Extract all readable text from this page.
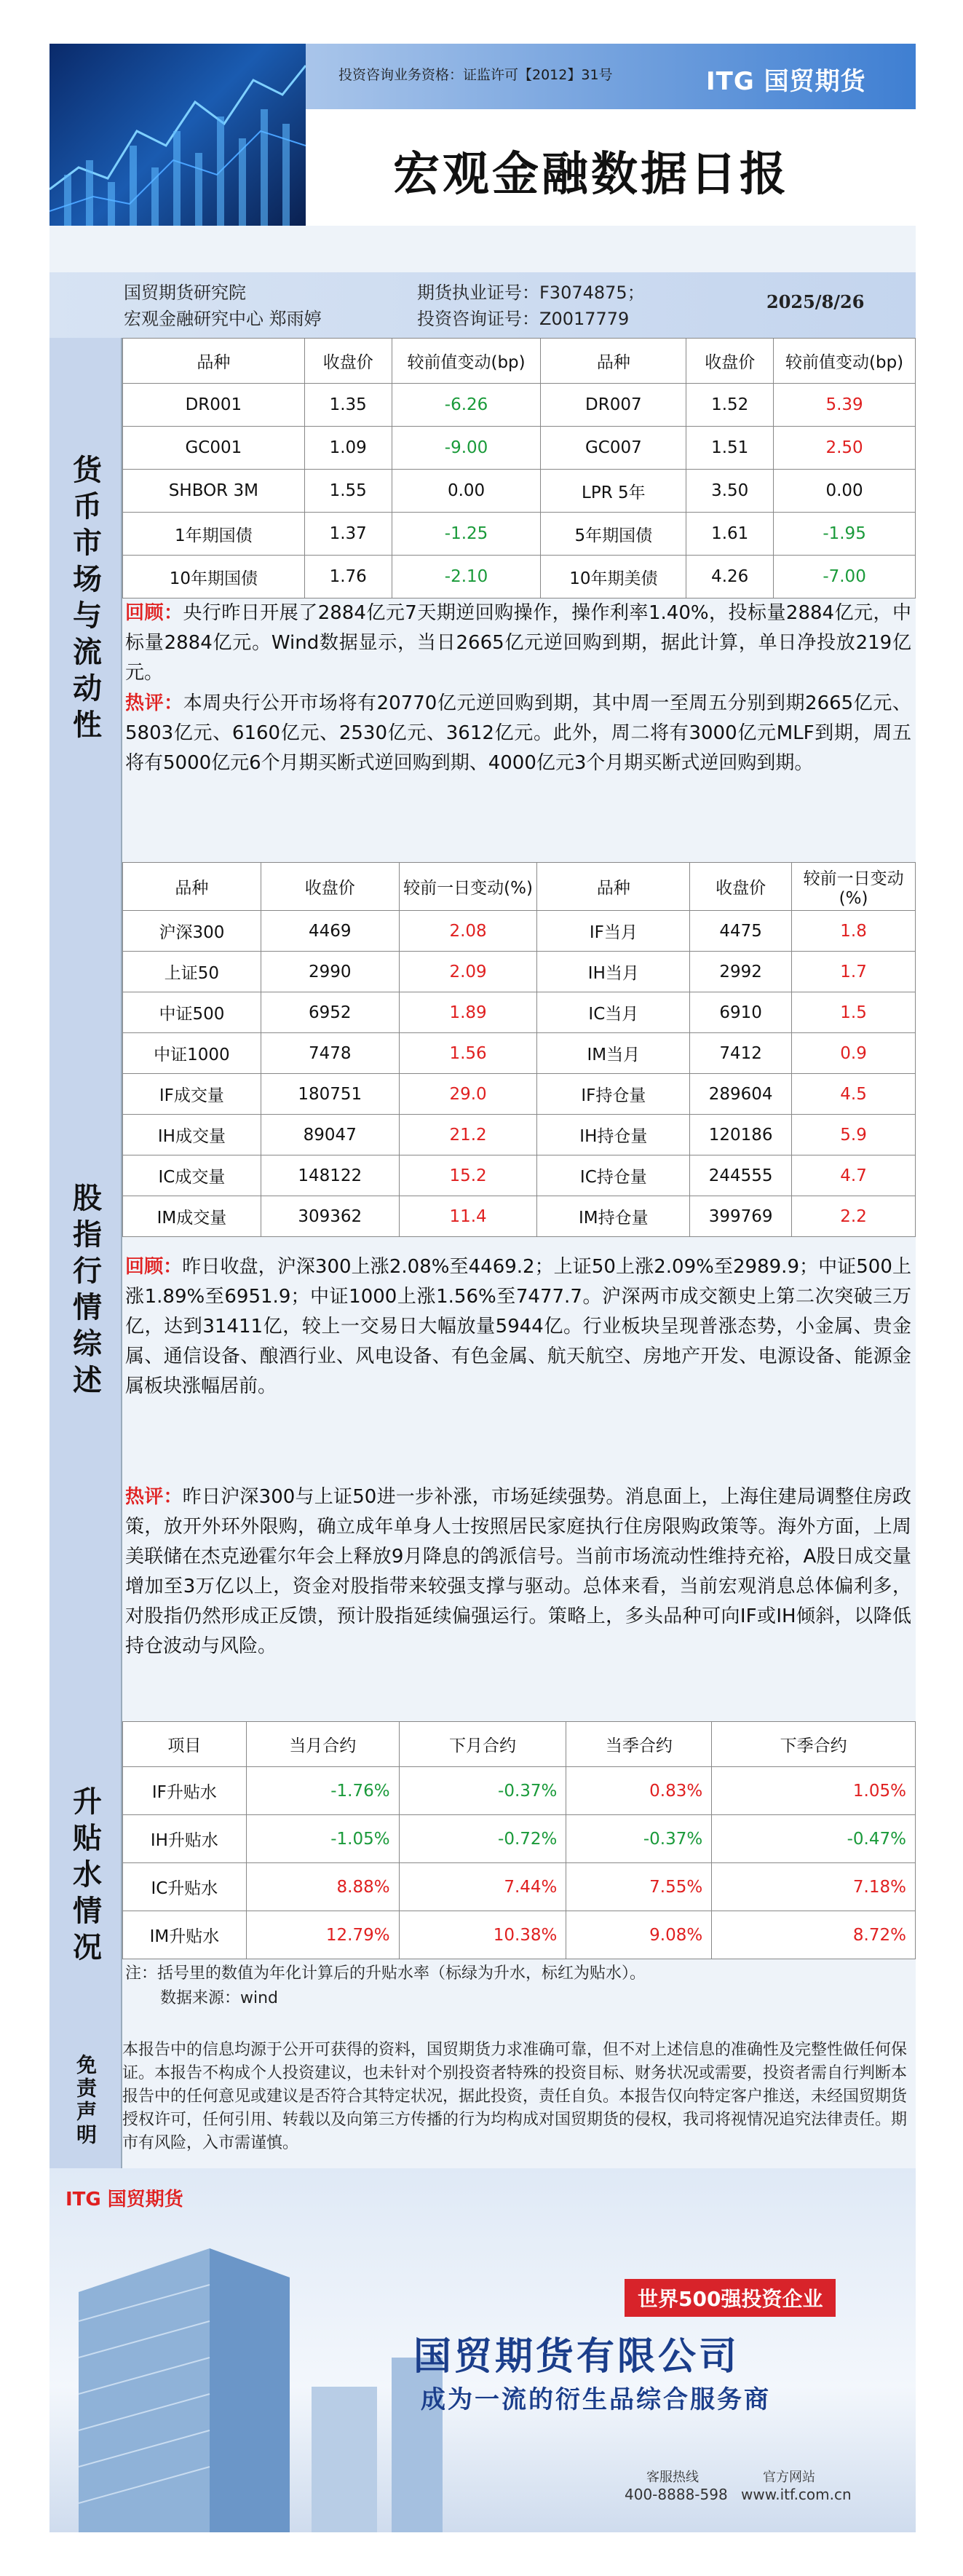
投资咨询业务资格：证监许可【2012】31号	ITG 国贸期货
宏观金融数据日报
国贸期货研究院
宏观金融研究中心 郑雨婷
期货执业证号：F3074875；
投资咨询证号：Z0017779
2025/8/26
货币市场与流动性
品种	收盘价	较前值变动(bp)	品种	收盘价	较前值变动(bp)
DR001	1.35	-6.26	DR007	1.52	5.39
GC001	1.09	-9.00	GC007	1.51	2.50
SHBOR 3M	1.55	0.00	LPR 5年	3.50	0.00
1年期国债	1.37	-1.25	5年期国债	1.61	-1.95
10年期国债	1.76	-2.10	10年期美债	4.26	-7.00
回顾：央行昨日开展了2884亿元7天期逆回购操作，操作利率1.40%，投标量2884亿元，中标量2884亿元。Wind数据显示，当日2665亿元逆回购到期，据此计算，单日净投放219亿元。
热评：本周央行公开市场将有20770亿元逆回购到期，其中周一至周五分别到期2665亿元、5803亿元、6160亿元、2530亿元、3612亿元。此外，周二将有3000亿元MLF到期，周五将有5000亿元6个月期买断式逆回购到期、4000亿元3个月期买断式逆回购到期。
股指行情综述
品种	收盘价	较前一日变动(%)	品种	收盘价	较前一日变动(%)
沪深300	4469	2.08	IF当月	4475	1.8
上证50	2990	2.09	IH当月	2992	1.7
中证500	6952	1.89	IC当月	6910	1.5
中证1000	7478	1.56	IM当月	7412	0.9
IF成交量	180751	29.0	IF持仓量	289604	4.5
IH成交量	89047	21.2	IH持仓量	120186	5.9
IC成交量	148122	15.2	IC持仓量	244555	4.7
IM成交量	309362	11.4	IM持仓量	399769	2.2
回顾：昨日收盘，沪深300上涨2.08%至4469.2；上证50上涨2.09%至2989.9；中证500上涨1.89%至6951.9；中证1000上涨1.56%至7477.7。沪深两市成交额史上第二次突破三万亿，达到31411亿，较上一交易日大幅放量5944亿。行业板块呈现普涨态势，小金属、贵金属、通信设备、酿酒行业、风电设备、有色金属、航天航空、房地产开发、电源设备、能源金属板块涨幅居前。
热评：昨日沪深300与上证50进一步补涨，市场延续强势。消息面上，上海住建局调整住房政策，放开外环外限购，确立成年单身人士按照居民家庭执行住房限购政策等。海外方面，上周美联储在杰克逊霍尔年会上释放9月降息的鸽派信号。当前市场流动性维持充裕，A股日成交量增加至3万亿以上，资金对股指带来较强支撑与驱动。总体来看，当前宏观消息总体偏利多，对股指仍然形成正反馈，预计股指延续偏强运行。策略上，多头品种可向IF或IH倾斜，以降低持仓波动与风险。
升贴水情况
项目	当月合约	下月合约	当季合约	下季合约
IF升贴水	-1.76%	-0.37%	0.83%	1.05%
IH升贴水	-1.05%	-0.72%	-0.37%	-0.47%
IC升贴水	8.88%	7.44%	7.55%	7.18%
IM升贴水	12.79%	10.38%	9.08%	8.72%
注：括号里的数值为年化计算后的升贴水率（标绿为升水，标红为贴水）。
数据来源：wind
免责声明
本报告中的信息均源于公开可获得的资料，国贸期货力求准确可靠，但不对上述信息的准确性及完整性做任何保证。本报告不构成个人投资建议，也未针对个别投资者特殊的投资目标、财务状况或需要，投资者需自行判断本报告中的任何意见或建议是否符合其特定状况，据此投资，责任自负。本报告仅向特定客户推送，未经国贸期货授权许可，任何引用、转载以及向第三方传播的行为均构成对国贸期货的侵权，我司将视情况追究法律责任。期市有风险，入市需谨慎。
ITG 国贸期货
世界500强投资企业
国贸期货有限公司
成为一流的衍生品综合服务商
客服热线
400-8888-598
官方网站
www.itf.com.cn
